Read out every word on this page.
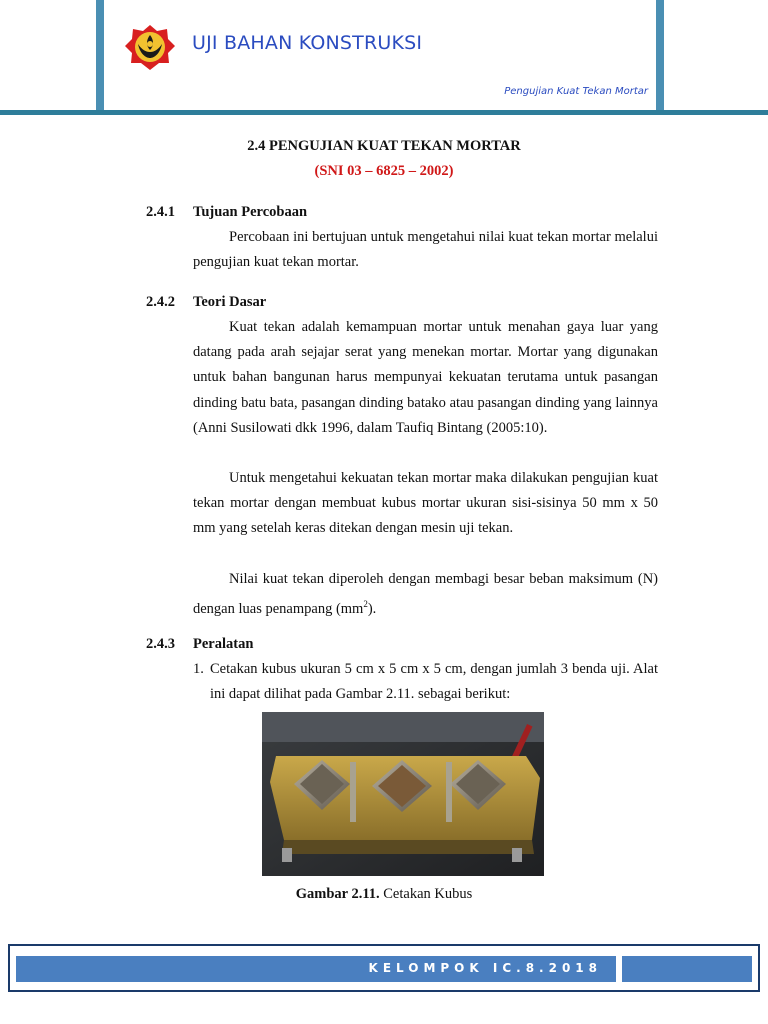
UJI BAHAN KONSTRUKSI
Pengujian Kuat Tekan Mortar
2.4 PENGUJIAN KUAT TEKAN MORTAR
(SNI 03 – 6825 – 2002)
2.4.1 Tujuan Percobaan
Percobaan ini bertujuan untuk mengetahui nilai kuat tekan mortar melalui pengujian kuat tekan mortar.
2.4.2 Teori Dasar
Kuat tekan adalah kemampuan mortar untuk menahan gaya luar yang datang pada arah sejajar serat yang menekan mortar. Mortar yang digunakan untuk bahan bangunan harus mempunyai kekuatan terutama untuk pasangan dinding batu bata, pasangan dinding batako atau pasangan dinding yang lainnya (Anni Susilowati dkk 1996, dalam Taufiq Bintang (2005:10).
Untuk mengetahui kekuatan tekan mortar maka dilakukan pengujian kuat tekan mortar dengan membuat kubus mortar ukuran sisi-sisinya 50 mm x 50 mm yang setelah keras ditekan dengan mesin uji tekan.
Nilai kuat tekan diperoleh dengan membagi besar beban maksimum (N) dengan luas penampang $(mm^2)$.
2.4.3 Peralatan
1. Cetakan kubus ukuran 5 cm x 5 cm x 5 cm, dengan jumlah 3 benda uji. Alat ini dapat dilihat pada Gambar 2.11. sebagai berikut:
Gambar 2.11. Cetakan Kubus
KELOMPOK IC.8.2018
